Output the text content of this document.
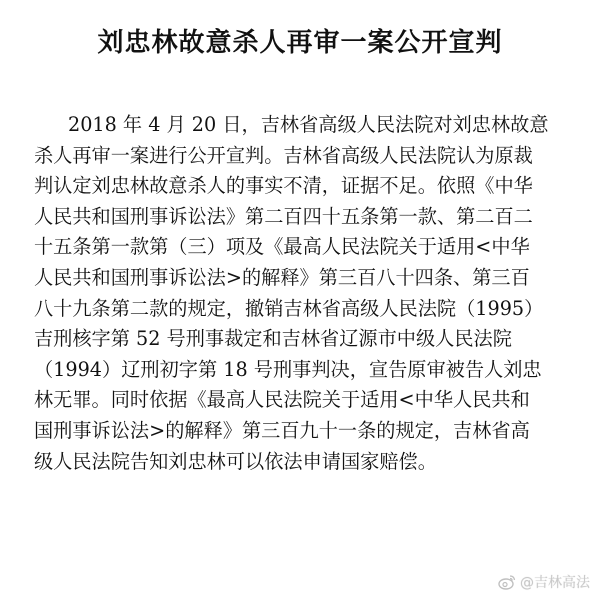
刘忠林故意杀人再审一案公开宣判
2018 年 4 月 20 日，吉林省高级人民法院对刘忠林故意
杀人再审一案进行公开宣判。吉林省高级人民法院认为原裁
判认定刘忠林故意杀人的事实不清，证据不足。依照《中华
人民共和国刑事诉讼法》第二百四十五条第一款、第二百二
十五条第一款第（三）项及《最高人民法院关于适用<中华
人民共和国刑事诉讼法>的解释》第三百八十四条、第三百
八十九条第二款的规定，撤销吉林省高级人民法院（1995）
吉刑核字第 52 号刑事裁定和吉林省辽源市中级人民法院
（1994）辽刑初字第 18 号刑事判决，宣告原审被告人刘忠
林无罪。同时依据《最高人民法院关于适用<中华人民共和
国刑事诉讼法>的解释》第三百九十一条的规定，吉林省高
级人民法院告知刘忠林可以依法申请国家赔偿。
@吉林高法
